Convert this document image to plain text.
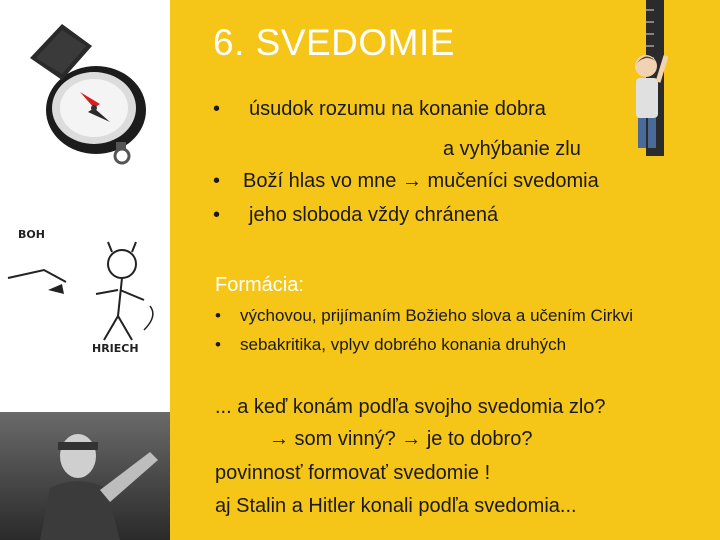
BOH
HRIECH
6. SVEDOMIE
• úsudok rozumu na konanie dobra
a vyhýbanie zlu
• Boží hlas vo mne → mučeníci svedomia
• jeho sloboda vždy chránená
Formácia:
• výchovou, prijímaním Božieho slova a učením Cirkvi
• sebakritika, vplyv dobrého konania druhých
... a keď konám podľa svojho svedomia zlo?
→ som vinný? → je to dobro?
povinnosť formovať svedomie !
aj Stalin a Hitler konali podľa svedomia...
